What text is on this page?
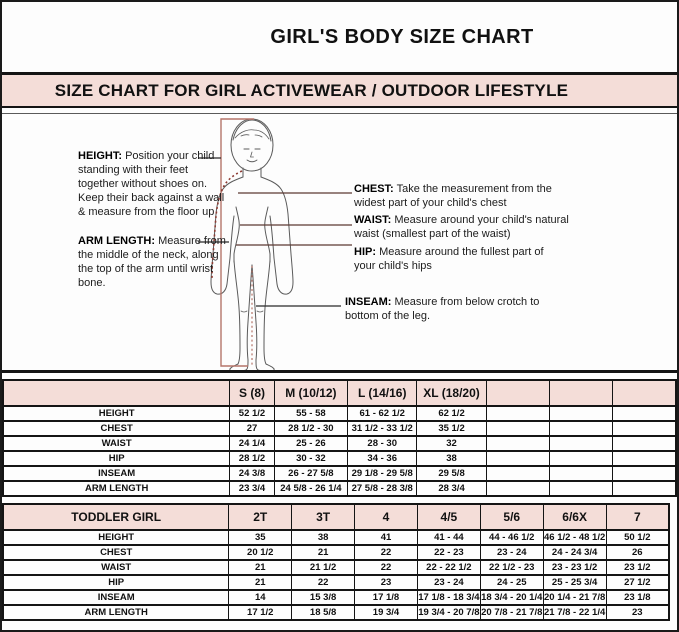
GIRL'S BODY SIZE CHART
SIZE CHART FOR GIRL ACTIVEWEAR / OUTDOOR LIFESTYLE
HEIGHT: Position your child standing with their feet together without shoes on. Keep their back against a wall & measure from the floor up
ARM LENGTH: Measure from the middle of the neck, along the top of the arm until wrist bone.
CHEST: Take the measurement from the widest part of your child's chest
WAIST: Measure around your child's natural waist (smallest part of the waist)
HIP: Measure around the fullest part of your child's hips
INSEAM: Measure from below crotch to bottom of the leg.
	S (8)	M (10/12)	L (14/16)	XL (18/20)			
HEIGHT	52 1/2	55 - 58	61 - 62 1/2	62 1/2			
CHEST	27	28 1/2 - 30	31 1/2 - 33 1/2	35 1/2			
WAIST	24 1/4	25 - 26	28 - 30	32			
HIP	28 1/2	30 - 32	34 - 36	38			
INSEAM	24 3/8	26 - 27 5/8	29 1/8 - 29 5/8	29 5/8			
ARM LENGTH	23 3/4	24 5/8 - 26 1/4	27 5/8 - 28 3/8	28 3/4			
TODDLER GIRL	2T	3T	4	4/5	5/6	6/6X	7
HEIGHT	35	38	41	41 - 44	44 - 46 1/2	46 1/2 - 48 1/2	50 1/2
CHEST	20 1/2	21	22	22 - 23	23 - 24	24 - 24 3/4	26
WAIST	21	21 1/2	22	22 - 22 1/2	22 1/2 - 23	23 - 23 1/2	23 1/2
HIP	21	22	23	23 - 24	24 - 25	25 - 25 3/4	27 1/2
INSEAM	14	15 3/8	17 1/8	17 1/8 - 18 3/4	18 3/4 - 20 1/4	20 1/4 - 21 7/8	23 1/8
ARM LENGTH	17 1/2	18 5/8	19 3/4	19 3/4 - 20 7/8	20 7/8 - 21 7/8	21 7/8 - 22 1/4	23
